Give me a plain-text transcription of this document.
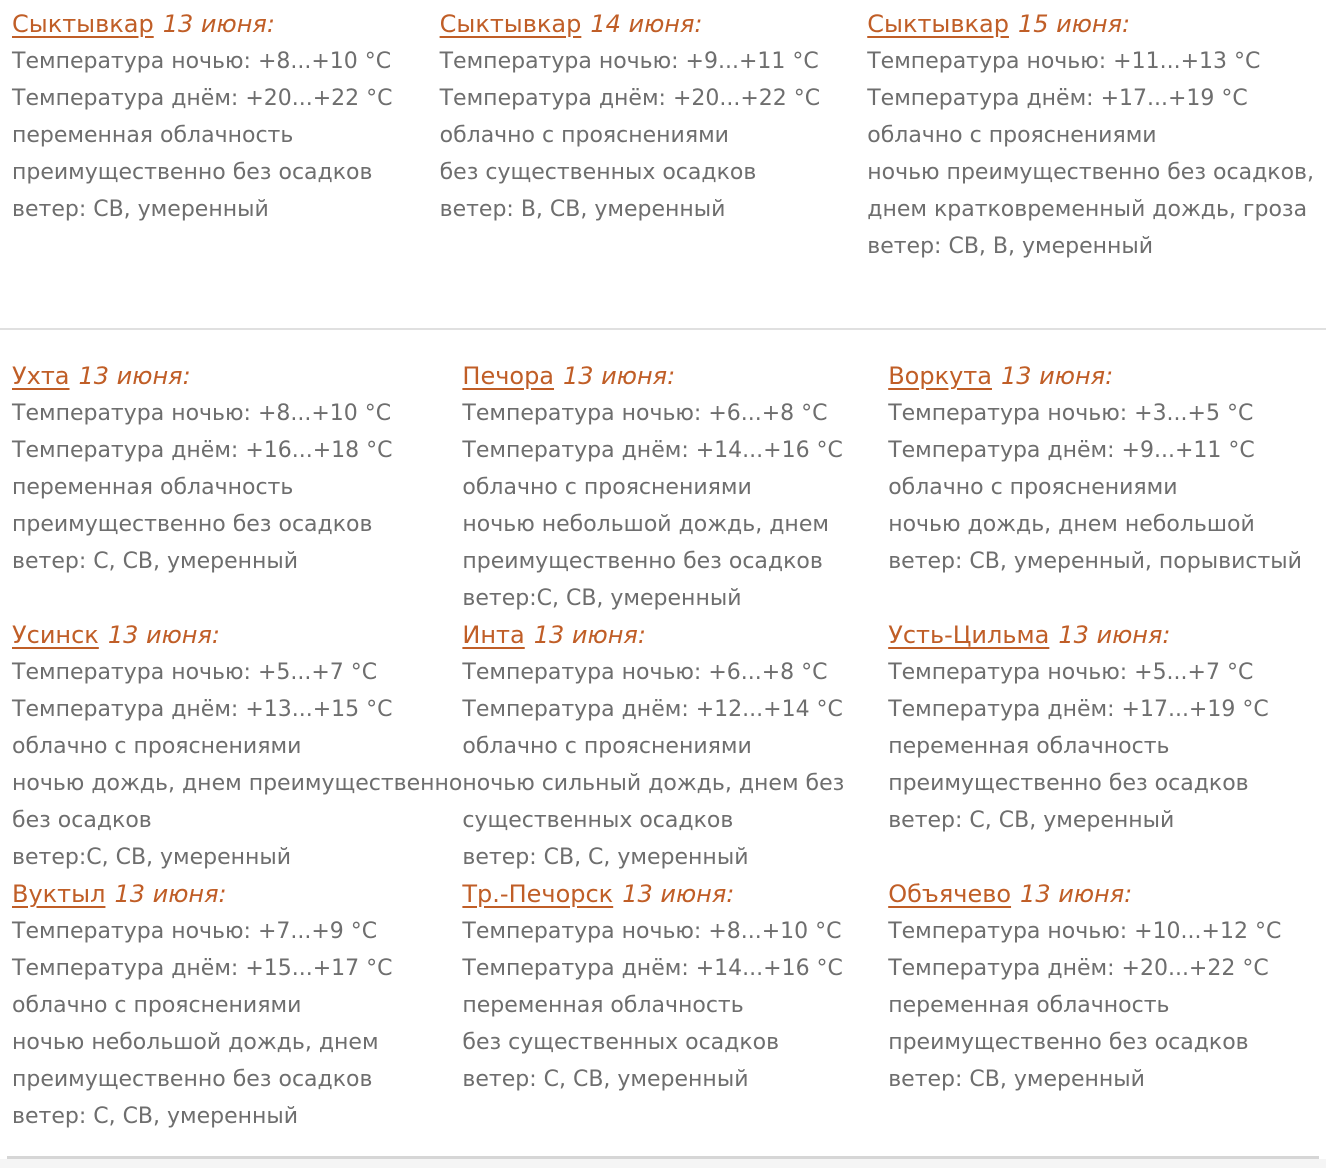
Сыктывкар 13 июня:
Температура ночью: +8...+10 °C
Температура днём: +20...+22 °C
переменная облачность
преимущественно без осадков
ветер: СВ, умеренный
Сыктывкар 14 июня:
Температура ночью: +9...+11 °C
Температура днём: +20...+22 °C
облачно с прояснениями
без существенных осадков
ветер: В, СВ, умеренный
Сыктывкар 15 июня:
Температура ночью: +11...+13 °C
Температура днём: +17...+19 °C
облачно с прояснениями
ночью преимущественно без осадков,
днем кратковременный дождь, гроза
ветер: СВ, В, умеренный
Ухта 13 июня:
Температура ночью: +8...+10 °C
Температура днём: +16...+18 °C
переменная облачность
преимущественно без осадков
ветер: С, СВ, умеренный
Печора 13 июня:
Температура ночью: +6...+8 °C
Температура днём: +14...+16 °C
облачно с прояснениями
ночью небольшой дождь, днем
преимущественно без осадков
ветер:С, СВ, умеренный
Воркута 13 июня:
Температура ночью: +3...+5 °C
Температура днём: +9...+11 °C
облачно с прояснениями
ночью дождь, днем небольшой
ветер: СВ, умеренный, порывистый
Усинск 13 июня:
Температура ночью: +5...+7 °C
Температура днём: +13...+15 °C
облачно с прояснениями
ночью дождь, днем преимущественно
без осадков
ветер:С, СВ, умеренный
Инта 13 июня:
Температура ночью: +6...+8 °C
Температура днём: +12...+14 °C
облачно с прояснениями
ночью сильный дождь, днем без
существенных осадков
ветер: СВ, С, умеренный
Усть-Цильма 13 июня:
Температура ночью: +5...+7 °C
Температура днём: +17...+19 °C
переменная облачность
преимущественно без осадков
ветер: С, СВ, умеренный
Вуктыл 13 июня:
Температура ночью: +7...+9 °C
Температура днём: +15...+17 °C
облачно с прояснениями
ночью небольшой дождь, днем
преимущественно без осадков
ветер: С, СВ, умеренный
Тр.-Печорск 13 июня:
Температура ночью: +8...+10 °C
Температура днём: +14...+16 °C
переменная облачность
без существенных осадков
ветер: С, СВ, умеренный
Объячево 13 июня:
Температура ночью: +10...+12 °C
Температура днём: +20...+22 °C
переменная облачность
преимущественно без осадков
ветер: СВ, умеренный
